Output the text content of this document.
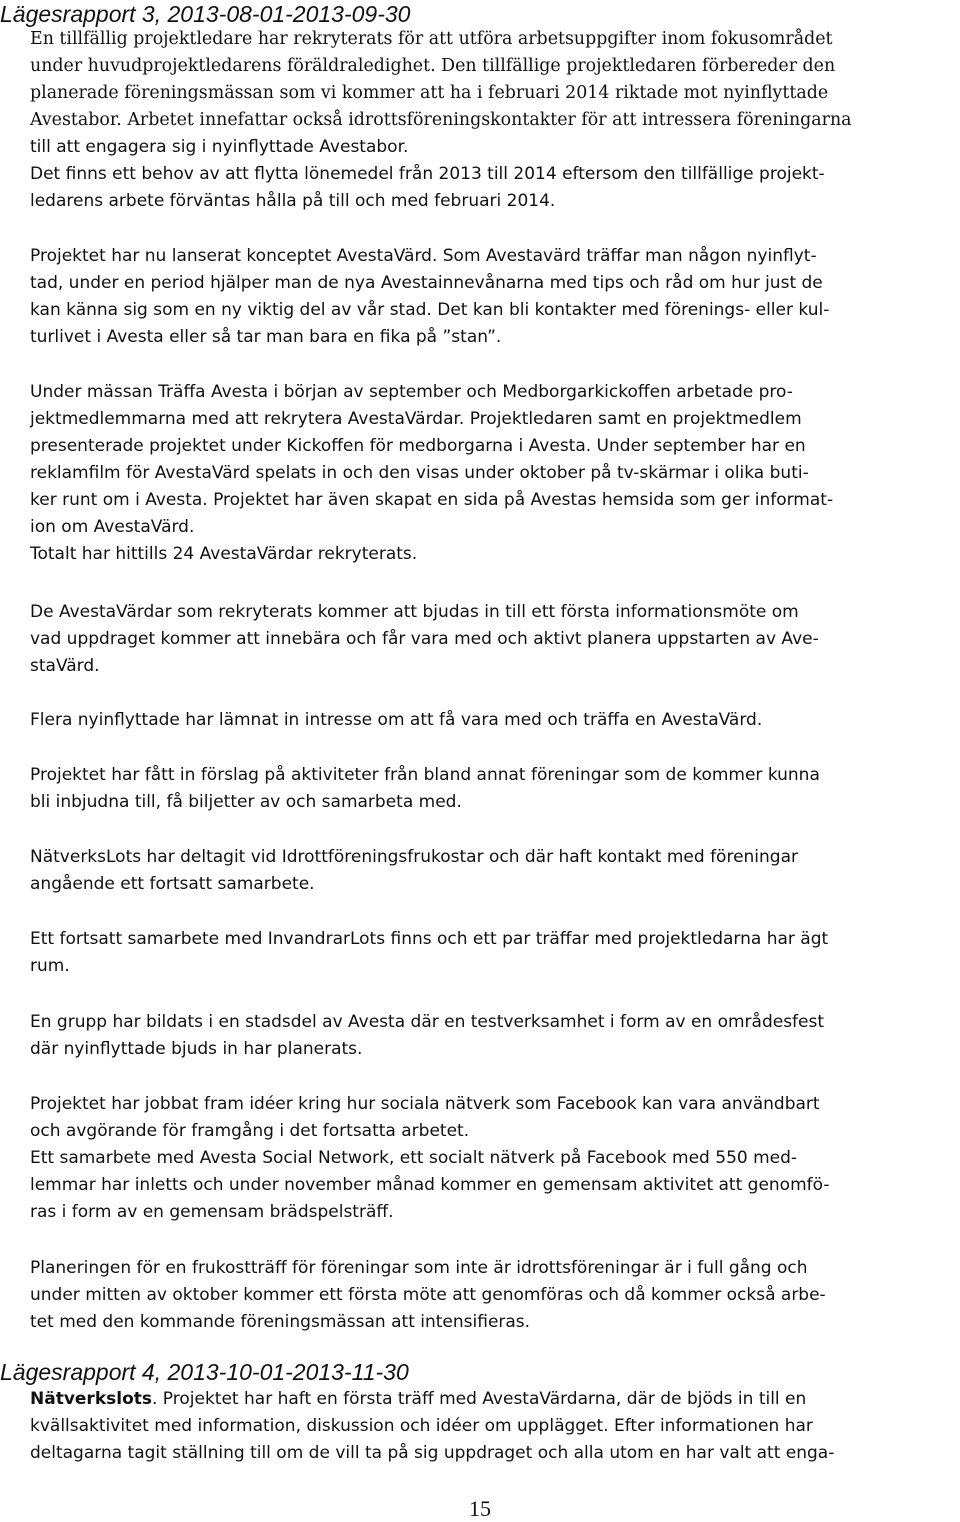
Lägesrapport 3, 2013-08-01-2013-09-30

En tillfällig projektledare har rekryterats för att utföra arbetsuppgifter inom fokusområdet
under huvudprojektledarens föräldraledighet. Den tillfällige projektledaren förbereder den
planerade föreningsmässan som vi kommer att ha i februari 2014 riktade mot nyinflyttade
Avestabor. Arbetet innefattar också idrottsföreningskontakter för att intressera föreningarna

till att engagera sig i nyinflyttade Avestabor.
Det finns ett behov av att flytta lönemedel från 2013 till 2014 eftersom den tillfällige projekt-
ledarens arbete förväntas hålla på till och med februari 2014.

Projektet har nu lanserat konceptet AvestaVärd. Som Avestavärd träffar man någon nyinflyt-
tad, under en period hjälper man de nya Avestainnevånarna med tips och råd om hur just de
kan känna sig som en ny viktig del av vår stad. Det kan bli kontakter med förenings- eller kul-
turlivet i Avesta eller så tar man bara en fika på ”stan”.

Under mässan Träffa Avesta i början av september och Medborgarkickoffen arbetade pro-
jektmedlemmarna med att rekrytera AvestaVärdar. Projektledaren samt en projektmedlem
presenterade projektet under Kickoffen för medborgarna i Avesta. Under september har en
reklamfilm för AvestaVärd spelats in och den visas under oktober på tv-skärmar i olika buti-
ker runt om i Avesta. Projektet har även skapat en sida på Avestas hemsida som ger informat-
ion om AvestaVärd.
Totalt har hittills 24 AvestaVärdar rekryterats.

De AvestaVärdar som rekryterats kommer att bjudas in till ett första informationsmöte om
vad uppdraget kommer att innebära och får vara med och aktivt planera uppstarten av Ave-
staVärd.

Flera nyinflyttade har lämnat in intresse om att få vara med och träffa en AvestaVärd.

Projektet har fått in förslag på aktiviteter från bland annat föreningar som de kommer kunna
bli inbjudna till, få biljetter av och samarbeta med.

NätverksLots har deltagit vid Idrottföreningsfrukostar och där haft kontakt med föreningar
angående ett fortsatt samarbete.

Ett fortsatt samarbete med InvandrarLots finns och ett par träffar med projektledarna har ägt
rum.

En grupp har bildats i en stadsdel av Avesta där en testverksamhet i form av en områdesfest
där nyinflyttade bjuds in har planerats.

Projektet har jobbat fram idéer kring hur sociala nätverk som Facebook kan vara användbart
och avgörande för framgång i det fortsatta arbetet.
Ett samarbete med Avesta Social Network, ett socialt nätverk på Facebook med 550 med-
lemmar har inletts och under november månad kommer en gemensam aktivitet att genomfö-
ras i form av en gemensam brädspelsträff.

Planeringen för en frukostträff för föreningar som inte är idrottsföreningar är i full gång och
under mitten av oktober kommer ett första möte att genomföras och då kommer också arbe-
tet med den kommande föreningsmässan att intensifieras.

Lägesrapport 4, 2013-10-01-2013-11-30

Nätverkslots. Projektet har haft en första träff med AvestaVärdarna, där de bjöds in till en
kvällsaktivitet med information, diskussion och idéer om upplägget. Efter informationen har
deltagarna tagit ställning till om de vill ta på sig uppdraget och alla utom en har valt att enga-

15
